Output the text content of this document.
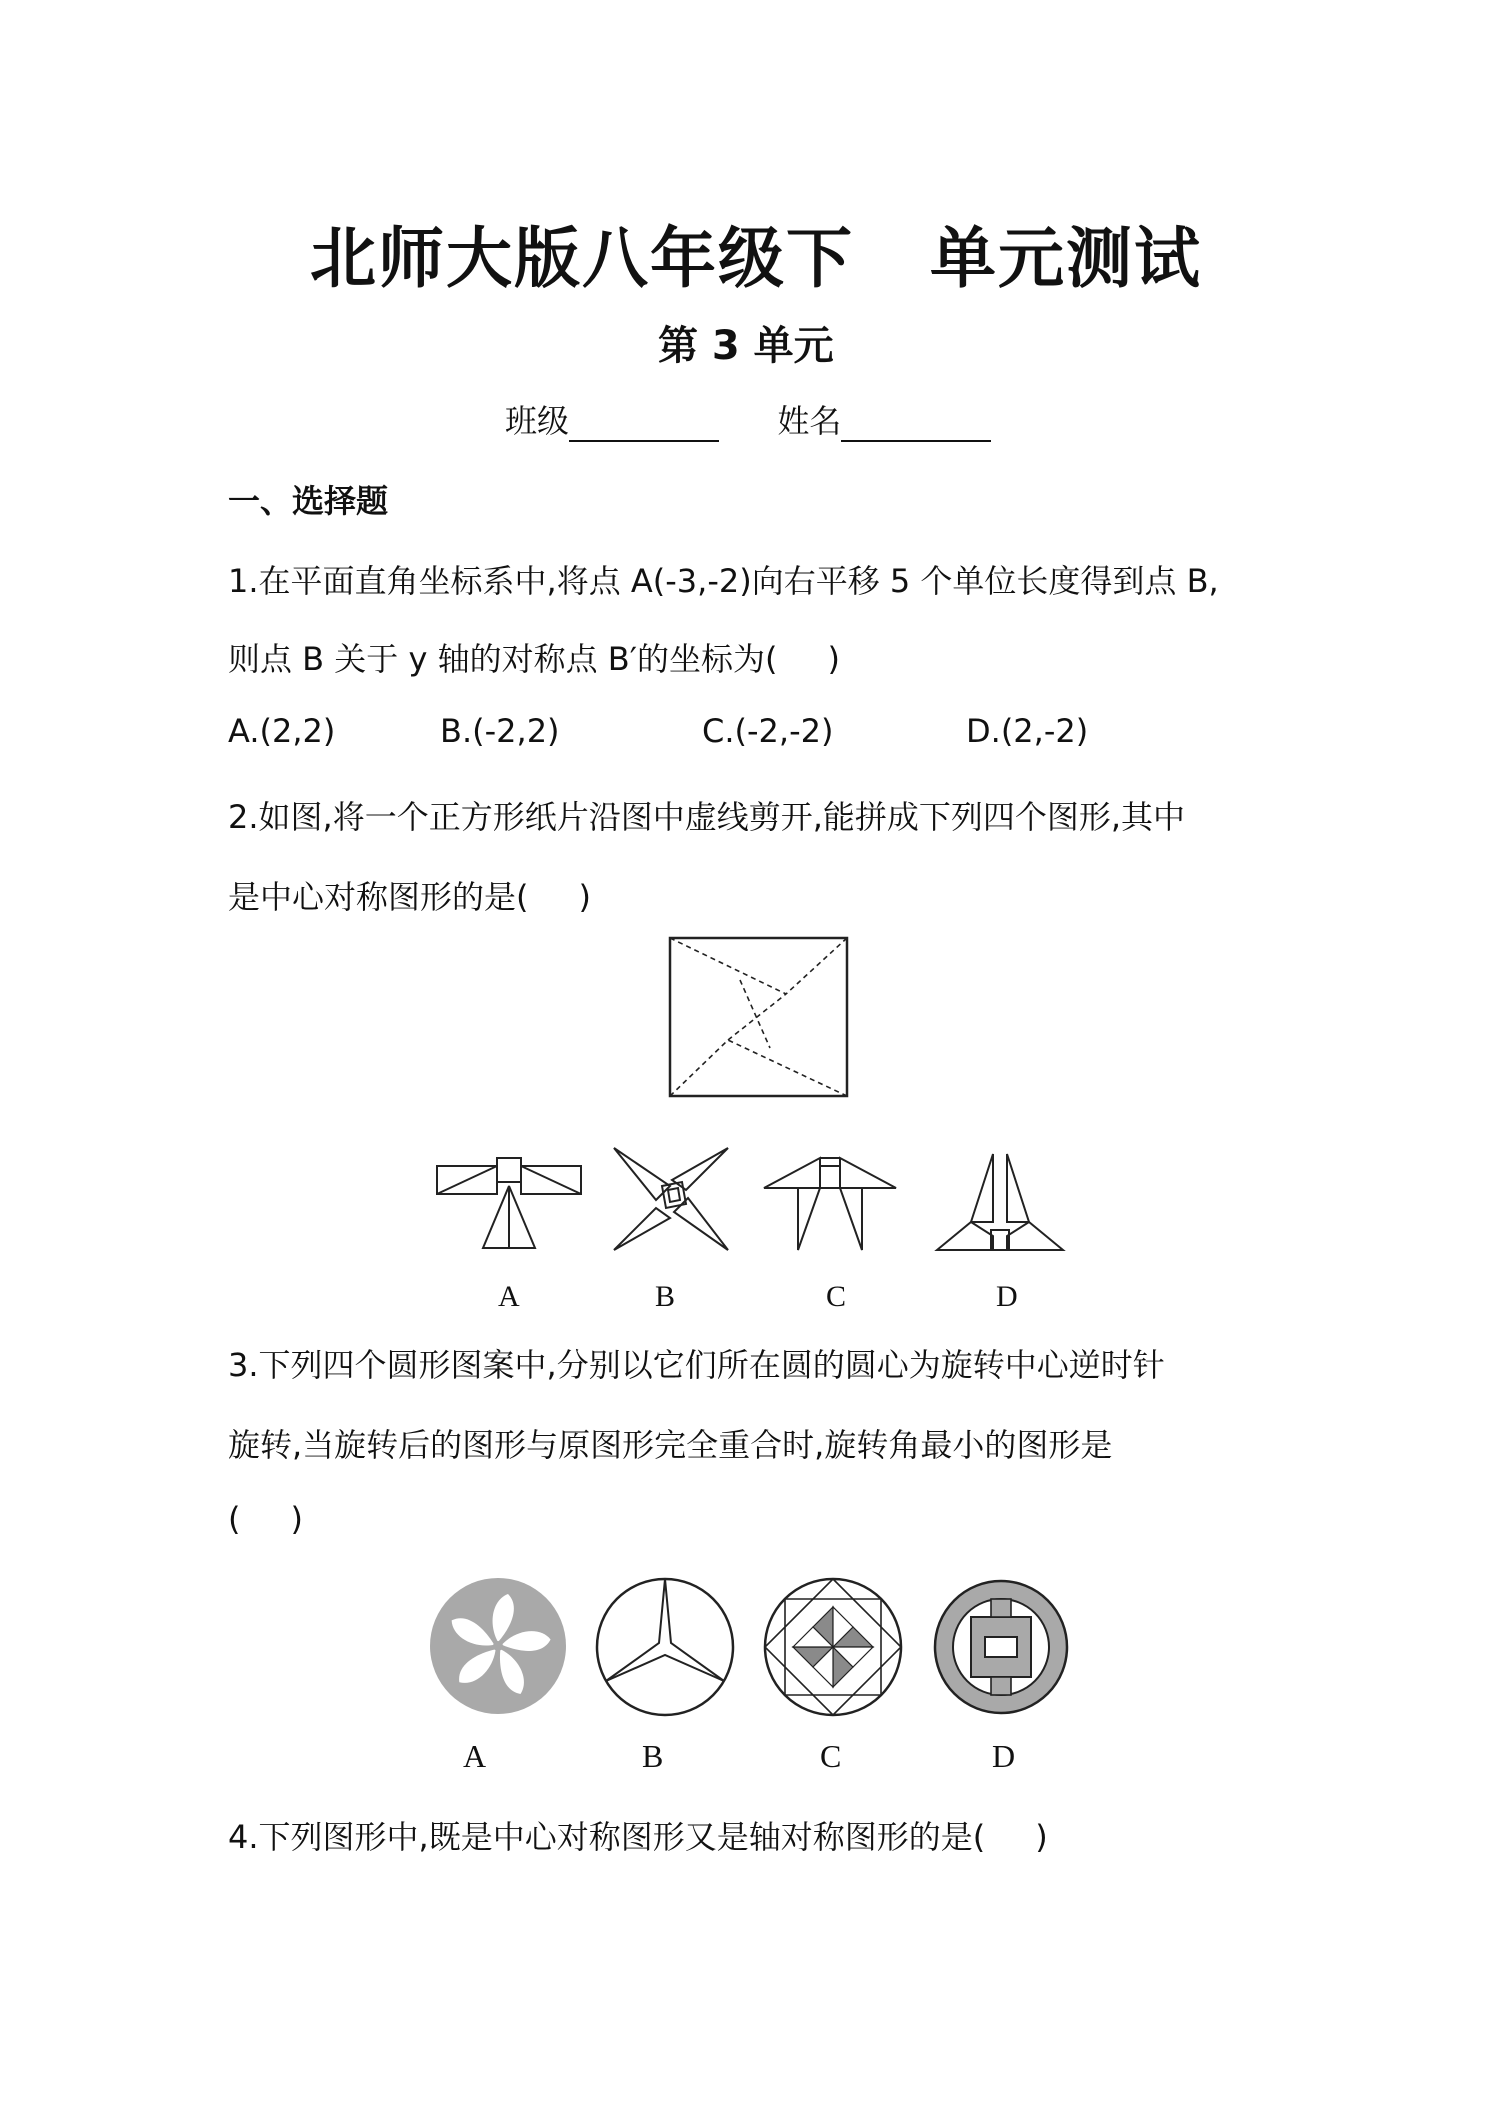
北师大版八年级下 单元测试
第 3 单元
班级	姓名
一、选择题
1.在平面直角坐标系中,将点 A(-3,-2)向右平移 5 个单位长度得到点 B,
则点 B 关于 y 轴的对称点 B′的坐标为( )
A.(2,2)	B.(-2,2)	C.(-2,-2)	D.(2,-2)
2.如图,将一个正方形纸片沿图中虚线剪开,能拼成下列四个图形,其中
是中心对称图形的是( )
A	B	C	D
3.下列四个圆形图案中,分别以它们所在圆的圆心为旋转中心逆时针
旋转,当旋转后的图形与原图形完全重合时,旋转角最小的图形是
( )
A	B	C	D
4.下列图形中,既是中心对称图形又是轴对称图形的是( )
